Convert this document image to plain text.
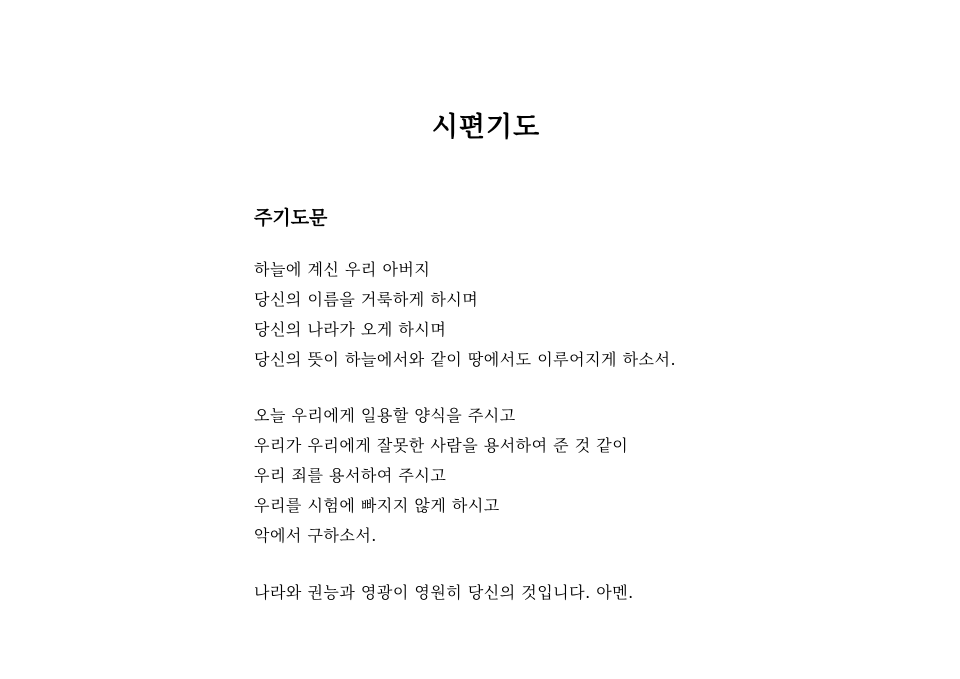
시편기도
주기도문
하늘에 계신 우리 아버지
당신의 이름을 거룩하게 하시며
당신의 나라가 오게 하시며
당신의 뜻이 하늘에서와 같이 땅에서도 이루어지게 하소서.
오늘 우리에게 일용할 양식을 주시고
우리가 우리에게 잘못한 사람을 용서하여 준 것 같이
우리 죄를 용서하여 주시고
우리를 시험에 빠지지 않게 하시고
악에서 구하소서.
나라와 권능과 영광이 영원히 당신의 것입니다. 아멘.
